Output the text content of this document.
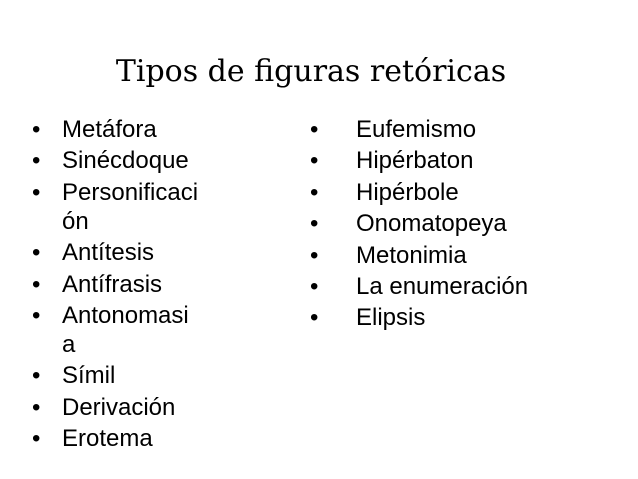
Tipos de figuras retóricas
• Metáfora
• Sinécdoque
• Personificación
• Antítesis
• Antífrasis
• Antonomasia
• Símil
• Derivación
• Erotema
• Eufemismo
• Hipérbaton
• Hipérbole
• Onomatopeya
• Metonimia
• La enumeración
• Elipsis
